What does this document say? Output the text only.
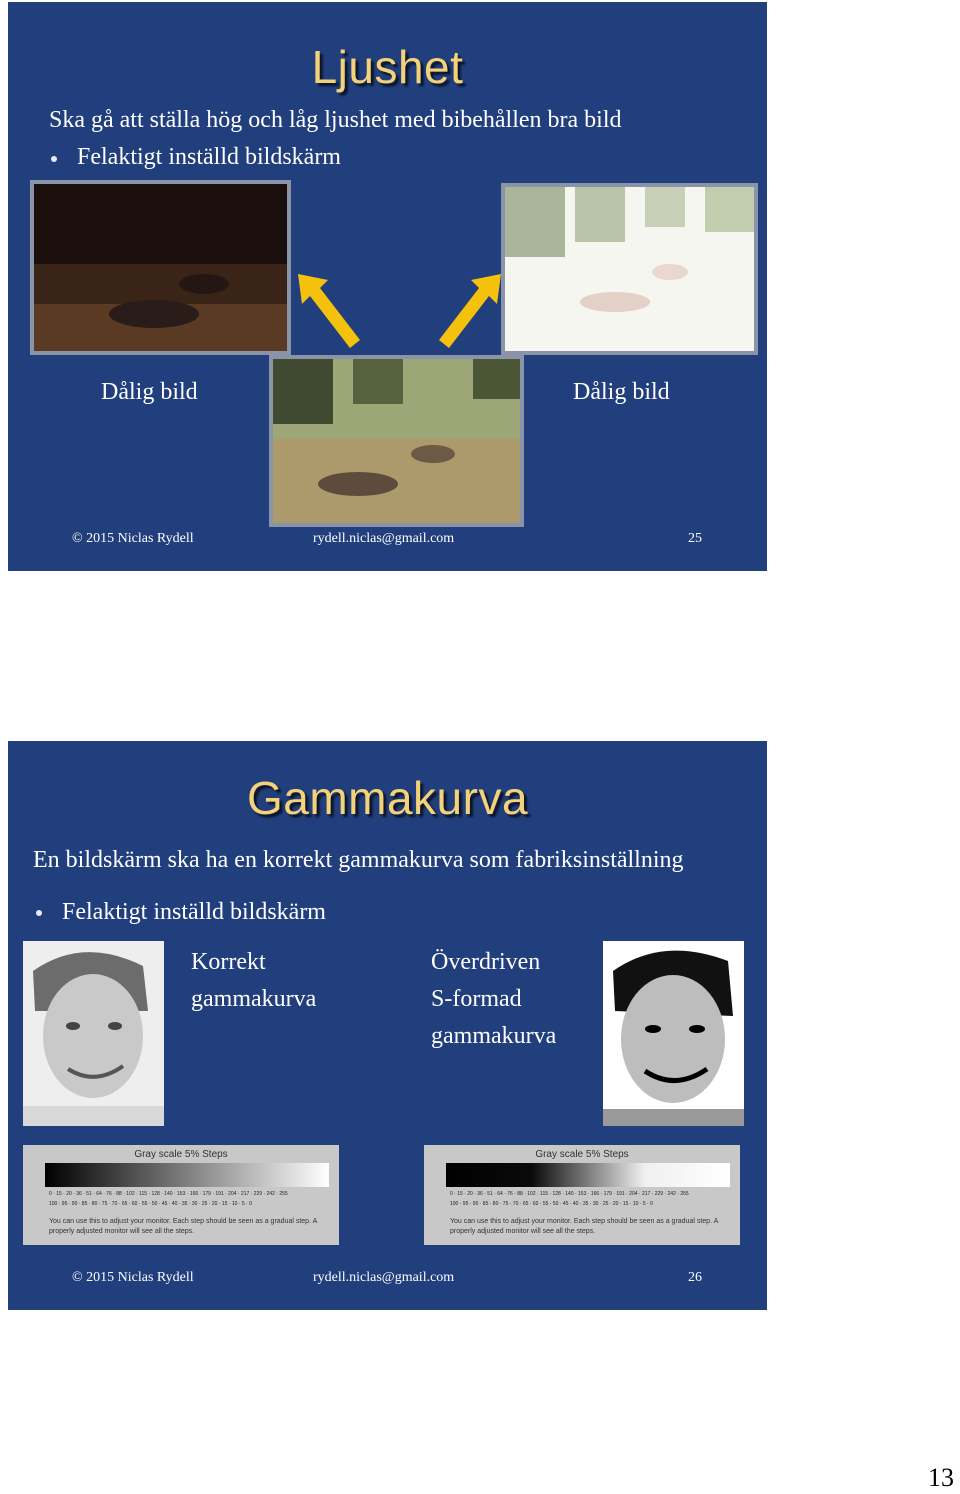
Ljushet
Ska gå att ställa hög och låg ljushet med bibehållen bra bild
Felaktigt inställd bildskärm
Dålig bild	Dålig bild
© 2015 Niclas Rydell	rydell.niclas@gmail.com	25
Gammakurva
En bildskärm ska ha en korrekt gammakurva som fabriksinställning
Felaktigt inställd bildskärm
Korrekt
gammakurva
Överdriven
S-formad
gammakurva
Gray scale 5% Steps
0 · 15 · 20 · 36 · 51 · 64 · 76 · 88 · 102 · 115 · 128 · 140 · 153 · 166 · 179 · 191 · 204 · 217 · 229 · 242 · 255
100 · 95 · 90 · 85 · 80 · 75 · 70 · 65 · 60 · 55 · 50 · 45 · 40 · 35 · 30 · 25 · 20 · 15 · 10 · 5 · 0
You can use this to adjust your monitor. Each step should be seen as a gradual step. A properly adjusted monitor will see all the steps.
Gray scale 5% Steps
0 · 15 · 20 · 36 · 51 · 64 · 76 · 88 · 102 · 115 · 128 · 140 · 153 · 166 · 179 · 191 · 204 · 217 · 229 · 242 · 255
100 · 95 · 90 · 85 · 80 · 75 · 70 · 65 · 60 · 55 · 50 · 45 · 40 · 35 · 30 · 25 · 20 · 15 · 10 · 5 · 0
You can use this to adjust your monitor. Each step should be seen as a gradual step. A properly adjusted monitor will see all the steps.
© 2015 Niclas Rydell	rydell.niclas@gmail.com	26
13
